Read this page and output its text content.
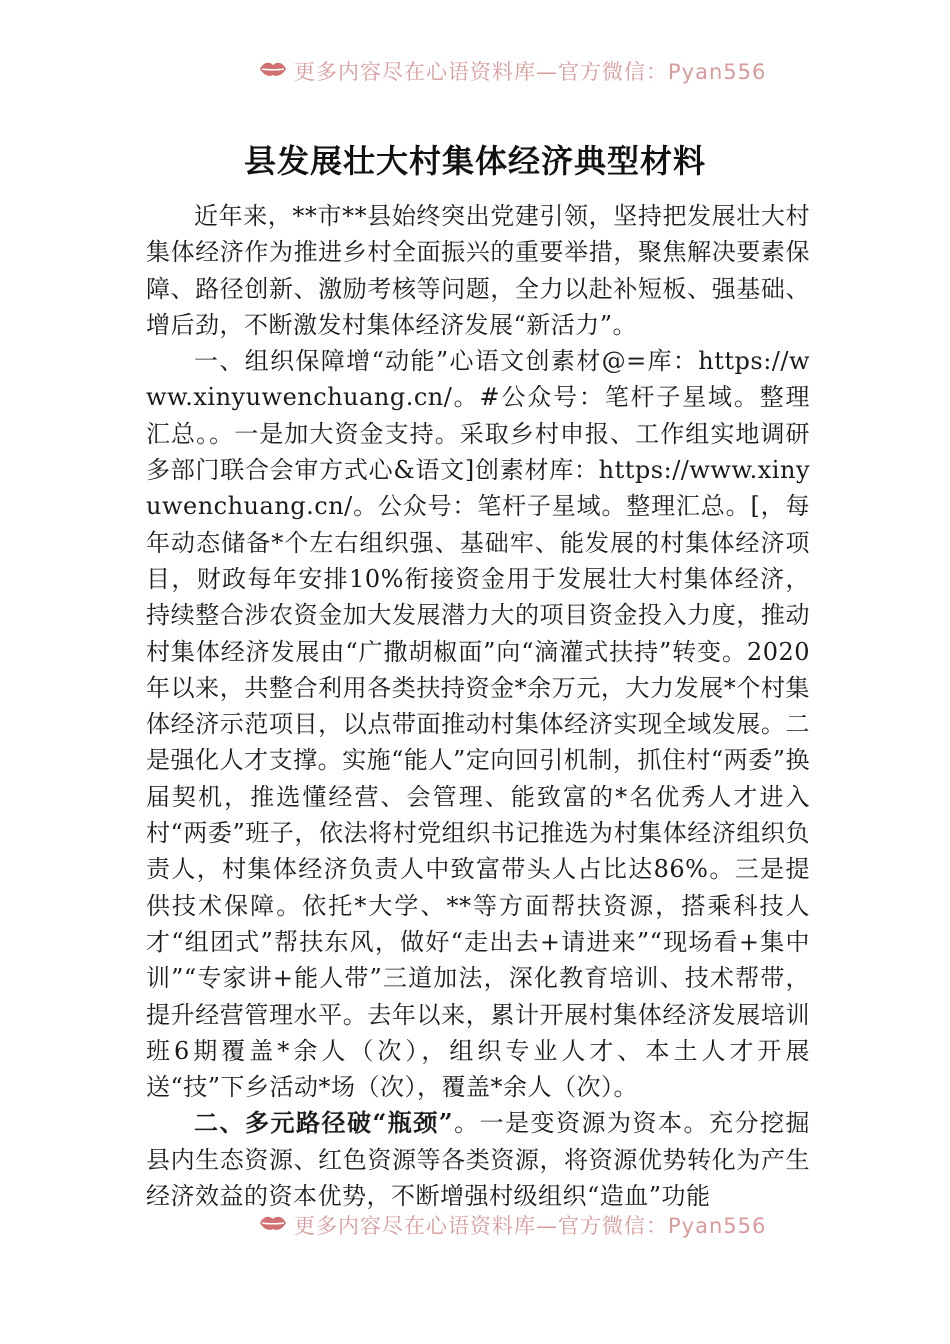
更多内容尽在心语资料库—官方微信：Pyan556
县发展壮大村集体经济典型材料

近年来，**市**县始终突出党建引领，坚持把发展壮大村集体经济作为推进乡村全面振兴的重要举措，聚焦解决要素保障、路径创新、激励考核等问题，全力以赴补短板、强基础、增后劲，不断激发村集体经济发展“新活力”。

一、组织保障增“动能”心语文创素材@=库：https://www.xinyuwenchuang.cn/。#公众号：笔杆子星域。整理汇总。。一是加大资金支持。采取乡村申报、工作组实地调研多部门联合会审方式心&语文]创素材库：https://www.xinyuwenchuang.cn/。公众号：笔杆子星域。整理汇总。[，每年动态储备*个左右组织强、基础牢、能发展的村集体经济项目，财政每年安排10%衔接资金用于发展壮大村集体经济，持续整合涉农资金加大发展潜力大的项目资金投入力度，推动村集体经济发展由“广撒胡椒面”向“滴灌式扶持”转变。2020年以来，共整合利用各类扶持资金*余万元，大力发展*个村集体经济示范项目，以点带面推动村集体经济实现全域发展。二是强化人才支撑。实施“能人”定向回引机制，抓住村“两委”换届契机，推选懂经营、会管理、能致富的*名优秀人才进入村“两委”班子，依法将村党组织书记推选为村集体经济组织负责人，村集体经济负责人中致富带头人占比达86%。三是提供技术保障。依托*大学、**等方面帮扶资源，搭乘科技人才“组团式”帮扶东风，做好“走出去+请进来”“现场看+集中训”“专家讲+能人带”三道加法，深化教育培训、技术帮带，提升经营管理水平。去年以来，累计开展村集体经济发展培训班6期覆盖*余人（次），组织专业人才、本土人才开展送“技”下乡活动*场（次），覆盖*余人（次）。

二、多元路径破“瓶颈”。一是变资源为资本。充分挖掘县内生态资源、红色资源等各类资源，将资源优势转化为产生经济效益的资本优势，不断增强村级组织“造血”功能

更多内容尽在心语资料库—官方微信：Pyan556
